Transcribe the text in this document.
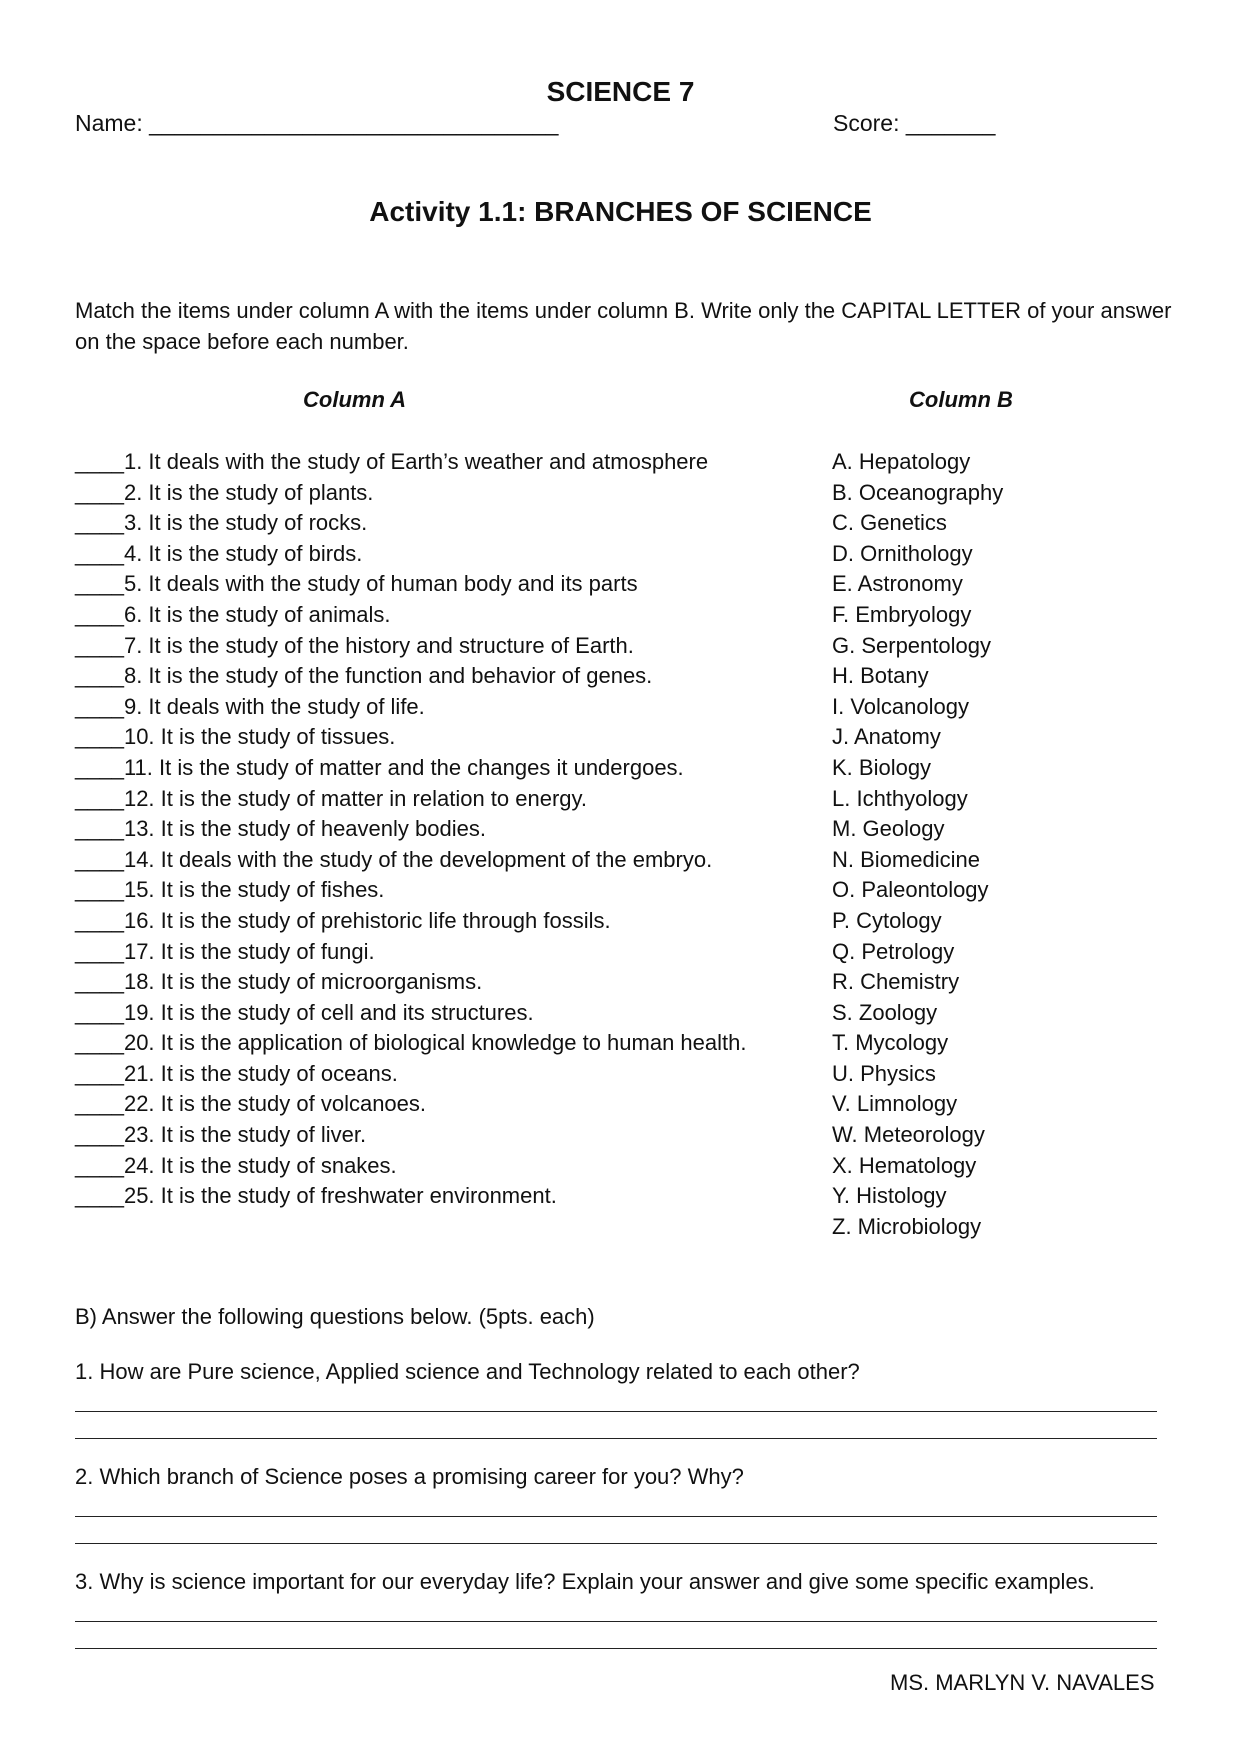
SCIENCE 7
Name: ________________________________	Score: _______
Activity 1.1: BRANCHES OF SCIENCE
Match the items under column A with the items under column B. Write only the CAPITAL LETTER of your answer on the space before each number.
Column A	Column B
____1. It deals with the study of Earth’s weather and atmosphere
____2. It is the study of plants.
____3. It is the study of rocks.
____4. It is the study of birds.
____5. It deals with the study of human body and its parts
____6. It is the study of animals.
____7. It is the study of the history and structure of Earth.
____8. It is the study of the function and behavior of genes.
____9. It deals with the study of life.
____10. It is the study of tissues.
____11. It is the study of matter and the changes it undergoes.
____12. It is the study of matter in relation to energy.
____13. It is the study of heavenly bodies.
____14. It deals with the study of the development of the embryo.
____15. It is the study of fishes.
____16. It is the study of prehistoric life through fossils.
____17. It is the study of fungi.
____18. It is the study of microorganisms.
____19. It is the study of cell and its structures.
____20. It is the application of biological knowledge to human health.
____21. It is the study of oceans.
____22. It is the study of volcanoes.
____23. It is the study of liver.
____24. It is the study of snakes.
____25. It is the study of freshwater environment.
A. Hepatology
B. Oceanography
C. Genetics
D. Ornithology
E. Astronomy
F. Embryology
G. Serpentology
H. Botany
I. Volcanology
J. Anatomy
K. Biology
L. Ichthyology
M. Geology
N. Biomedicine
O. Paleontology
P. Cytology
Q. Petrology
R. Chemistry
S. Zoology
T. Mycology
U. Physics
V. Limnology
W. Meteorology
X. Hematology
Y. Histology
Z. Microbiology
B) Answer the following questions below. (5pts. each)
1. How are Pure science, Applied science and Technology related to each other?
2. Which branch of Science poses a promising career for you? Why?
3. Why is science important for our everyday life? Explain your answer and give some specific examples.
MS. MARLYN V. NAVALES
